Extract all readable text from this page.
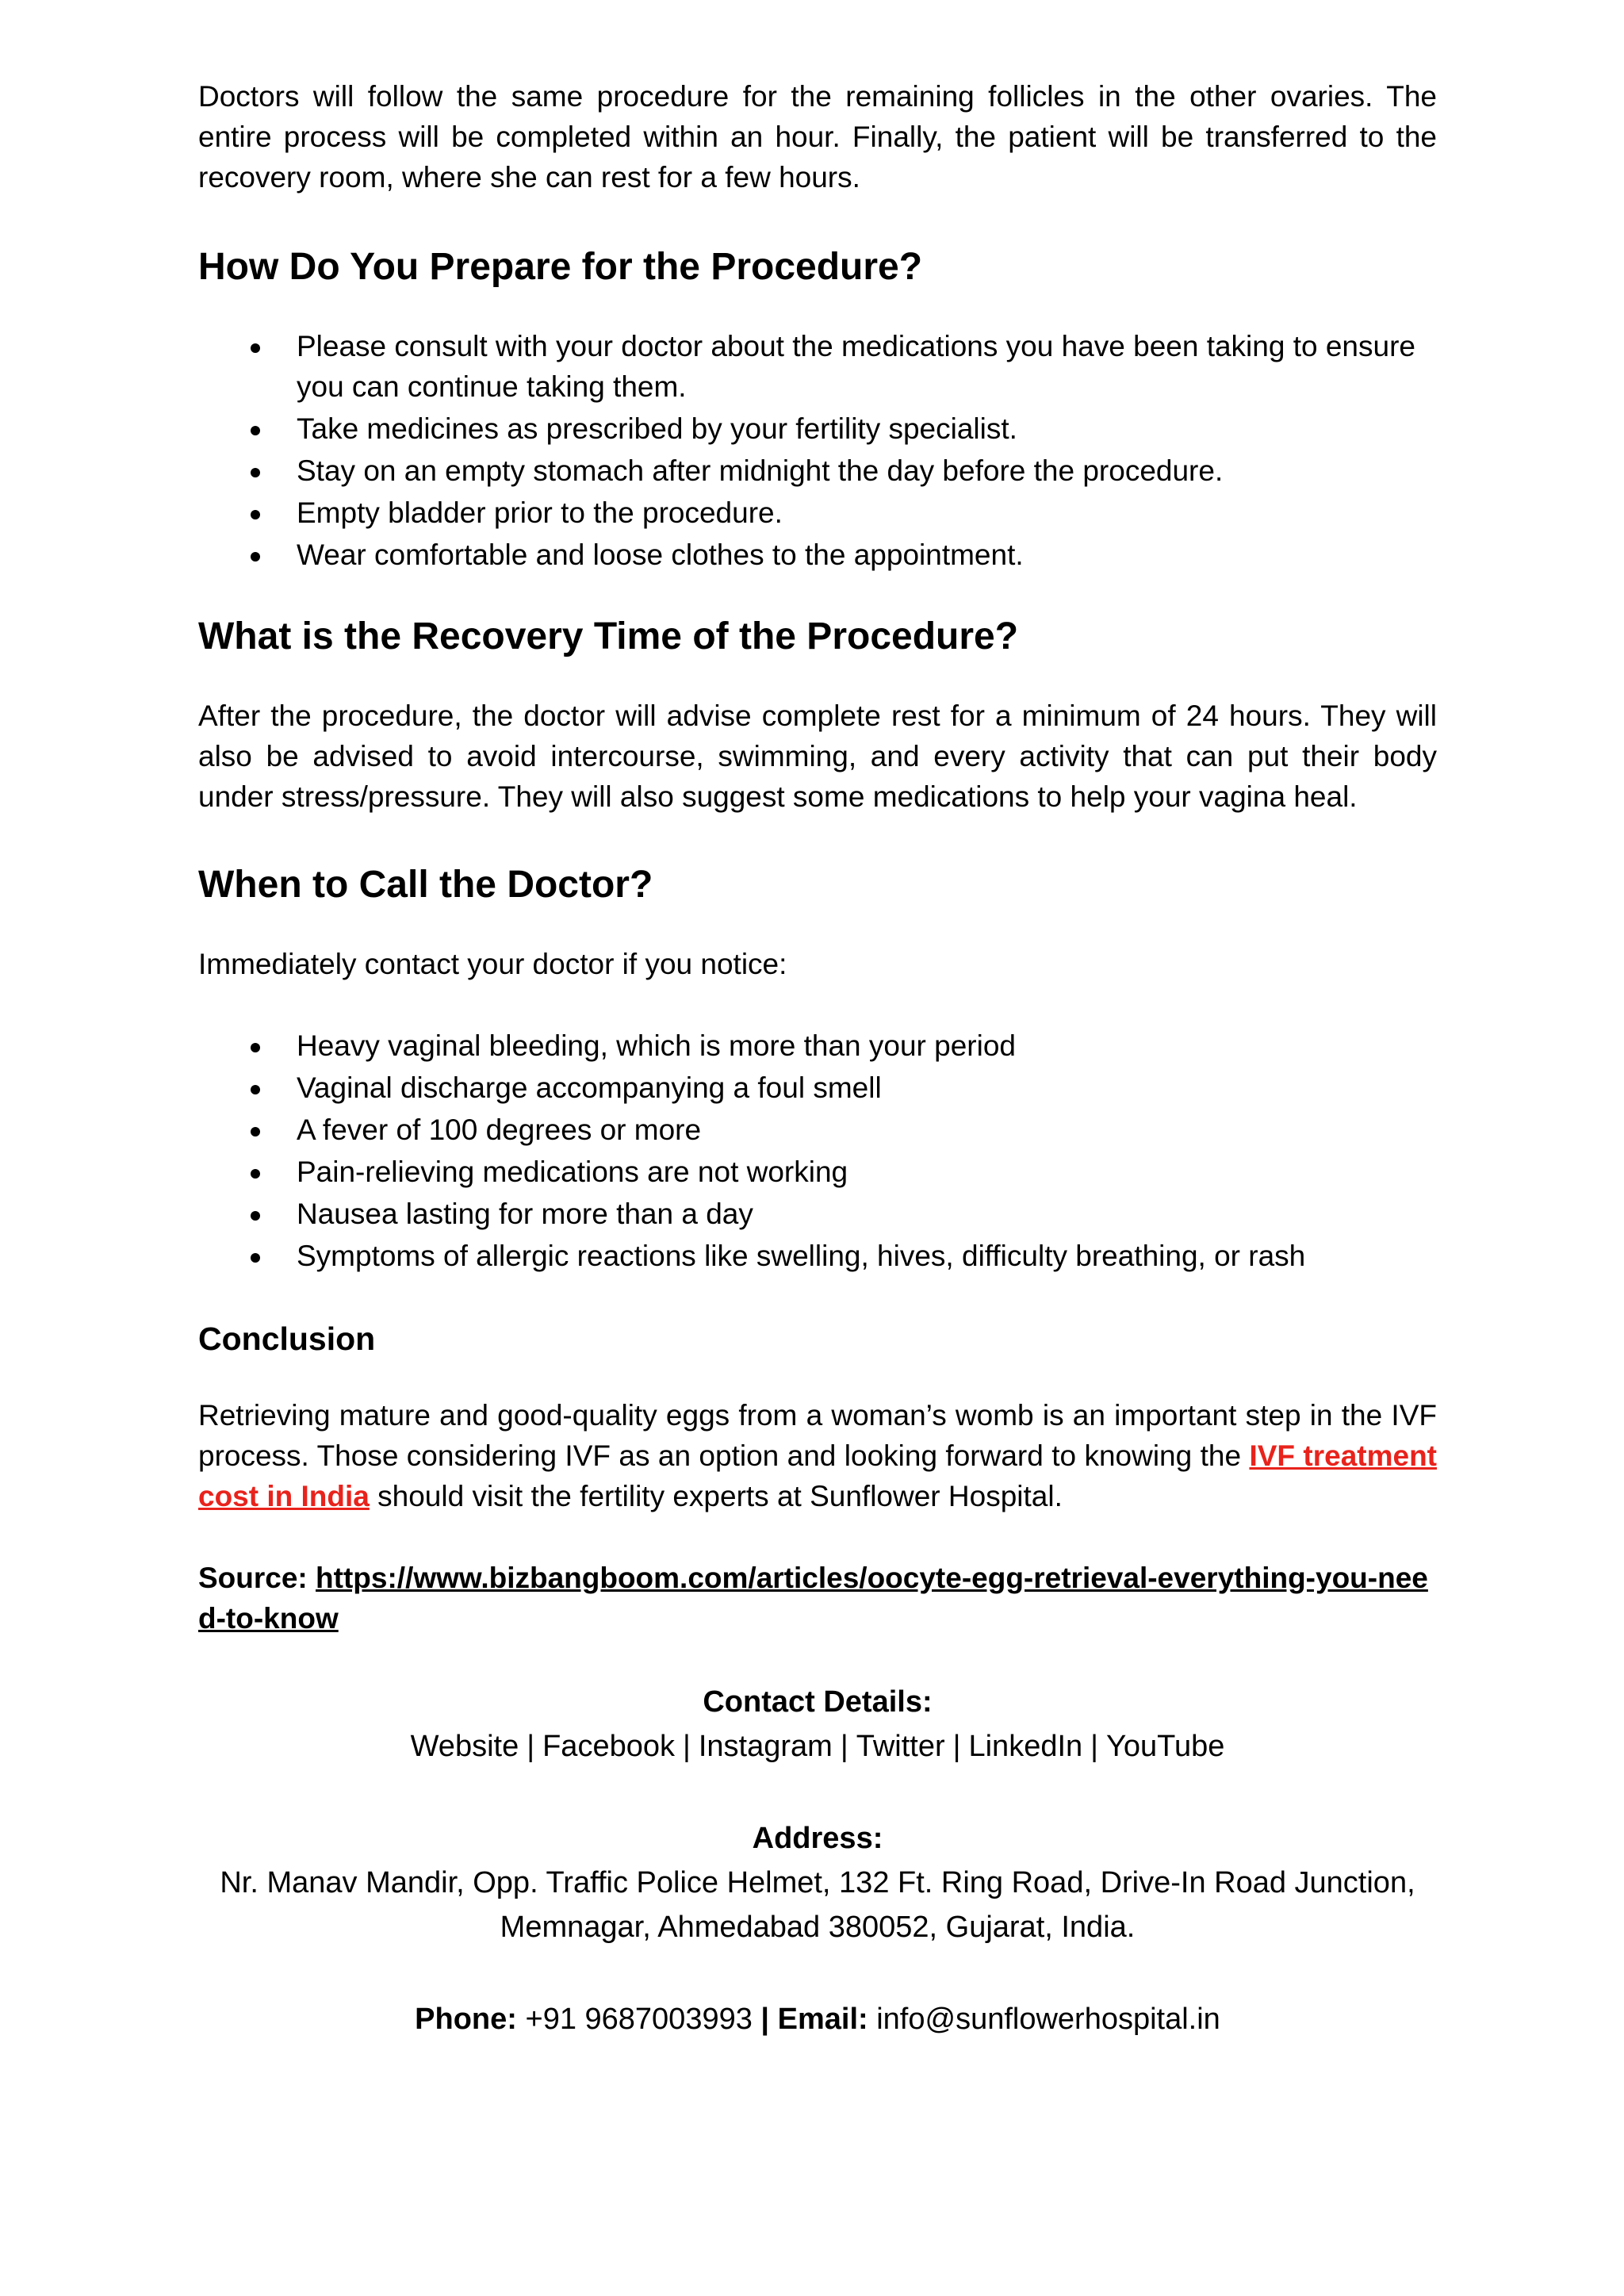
Doctors will follow the same procedure for the remaining follicles in the other ovaries. The entire process will be completed within an hour. Finally, the patient will be transferred to the recovery room, where she can rest for a few hours.

How Do You Prepare for the Procedure?
Please consult with your doctor about the medications you have been taking to ensure you can continue taking them.
Take medicines as prescribed by your fertility specialist.
Stay on an empty stomach after midnight the day before the procedure.
Empty bladder prior to the procedure.
Wear comfortable and loose clothes to the appointment.
What is the Recovery Time of the Procedure?

After the procedure, the doctor will advise complete rest for a minimum of 24 hours. They will also be advised to avoid intercourse, swimming, and every activity that can put their body under stress/pressure. They will also suggest some medications to help your vagina heal.

When to Call the Doctor?

Immediately contact your doctor if you notice:

Heavy vaginal bleeding, which is more than your period
Vaginal discharge accompanying a foul smell
A fever of 100 degrees or more
Pain-relieving medications are not working
Nausea lasting for more than a day
Symptoms of allergic reactions like swelling, hives, difficulty breathing, or rash
Conclusion

Retrieving mature and good-quality eggs from a woman’s womb is an important step in the IVF process. Those considering IVF as an option and looking forward to knowing the IVF treatment cost in India should visit the fertility experts at Sunflower Hospital.

Source: https://www.bizbangboom.com/articles/oocyte-egg-retrieval-everything-you-need-to-know

Contact Details:

Website | Facebook | Instagram | Twitter | LinkedIn | YouTube

Address:

Nr. Manav Mandir, Opp. Traffic Police Helmet, 132 Ft. Ring Road, Drive-In Road Junction,

Memnagar, Ahmedabad 380052, Gujarat, India.

Phone: +91 9687003993 | Email: info@sunflowerhospital.in
